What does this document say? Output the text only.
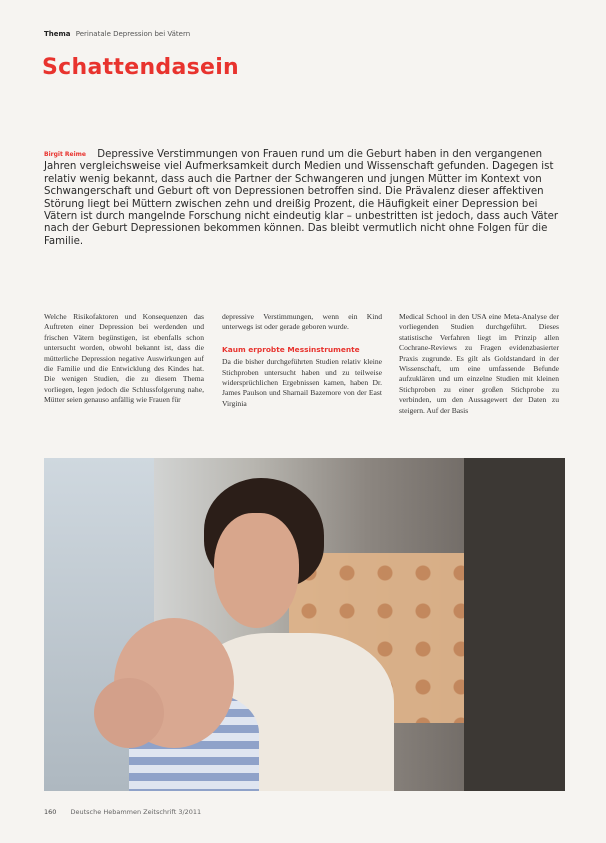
Thema Perinatale Depression bei Vätern
Schattendasein
Birgit Reime Depressive Verstimmungen von Frauen rund um die Geburt haben in den vergangenen Jahren vergleichsweise viel Aufmerksamkeit durch Medien und Wissenschaft gefunden. Dagegen ist relativ wenig bekannt, dass auch die Partner der Schwangeren und jungen Mütter im Kontext von Schwangerschaft und Geburt oft von Depressionen betroffen sind. Die Prävalenz dieser affektiven Störung liegt bei Müttern zwischen zehn und dreißig Prozent, die Häufigkeit einer Depression bei Vätern ist durch mangelnde Forschung nicht eindeutig klar – unbestritten ist jedoch, dass auch Väter nach der Geburt Depressionen bekommen können. Das bleibt vermutlich nicht ohne Folgen für die Familie.
Welche Risikofaktoren und Konsequenzen das Auftreten einer Depression bei werdenden und frischen Vätern begünstigen, ist ebenfalls schon untersucht worden, obwohl bekannt ist, dass die mütterliche Depression negative Auswirkungen auf die Familie und die Entwicklung des Kindes hat. Die wenigen Studien, die zu diesem Thema vorliegen, legen jedoch die Schlussfolgerung nahe, Mütter seien genauso anfällig wie Frauen für
depressive Verstimmungen, wenn ein Kind unterwegs ist oder gerade geboren wurde.
Kaum erprobte Messinstrumente
Da die bisher durchgeführten Studien relativ kleine Stichproben untersucht haben und zu teilweise widersprüchlichen Ergebnissen kamen, haben Dr. James Paulson und Sharnail Bazemore von der East Virginia
Medical School in den USA eine Meta-Analyse der vorliegenden Studien durchgeführt. Dieses statistische Verfahren liegt im Prinzip allen Cochrane-Reviews zu Fragen evidenzbasierter Praxis zugrunde. Es gilt als Goldstandard in der Wissenschaft, um eine umfassende Befunde aufzuklären und um einzelne Studien mit kleinen Stichproben zu einer großen Stichprobe zu verbinden, um den Aussagewert der Daten zu steigern. Auf der Basis
160 Deutsche Hebammen Zeitschrift 3/2011
